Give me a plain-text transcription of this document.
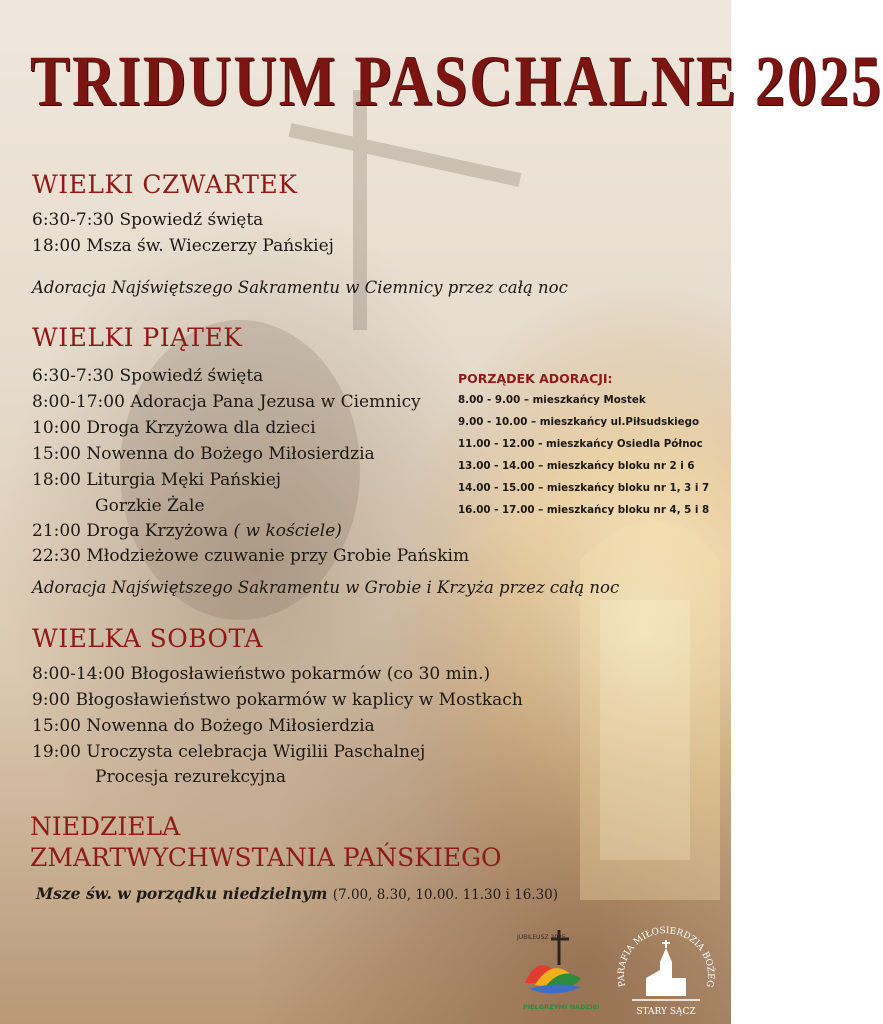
TRIDUUM PASCHALNE 2025
WIELKI CZWARTEK
6:30-7:30 Spowiedź święta
18:00 Msza św. Wieczerzy Pańskiej
Adoracja Najświętszego Sakramentu w Ciemnicy przez całą noc
WIELKI PIĄTEK
6:30-7:30 Spowiedź święta
8:00-17:00 Adoracja Pana Jezusa w Ciemnicy
10:00 Droga Krzyżowa dla dzieci
15:00 Nowenna do Bożego Miłosierdzia
18:00 Liturgia Męki Pańskiej
Gorzkie Żale
21:00 Droga Krzyżowa ( w kościele)
22:30 Młodzieżowe czuwanie przy Grobie Pańskim
Adoracja Najświętszego Sakramentu w Grobie i Krzyża przez całą noc
PORZĄDEK ADORACJI:
8.00 - 9.00 – mieszkańcy Mostek
9.00 - 10.00 – mieszkańcy ul.Piłsudskiego
11.00 - 12.00 - mieszkańcy Osiedla Północ
13.00 - 14.00 – mieszkańcy bloku nr 2 i 6
14.00 - 15.00 – mieszkańcy bloku nr 1, 3 i 7
16.00 - 17.00 – mieszkańcy bloku nr 4, 5 i 8
WIELKA SOBOTA
8:00-14:00 Błogosławieństwo pokarmów (co 30 min.)
9:00 Błogosławieństwo pokarmów w kaplicy w Mostkach
15:00 Nowenna do Bożego Miłosierdzia
19:00 Uroczysta celebracja Wigilii Paschalnej
Procesja rezurekcyjna
NIEDZIELA
ZMARTWYCHWSTANIA PAŃSKIEGO
Msze św. w porządku niedzielnym (7.00, 8.30, 10.00. 11.30 i 16.30)
JUBILEUSZ 2025
PIELGRZYMI NADZIEI
PARAFIA MIŁOSIERDZIA BOŻEG
STARY SĄCZ
